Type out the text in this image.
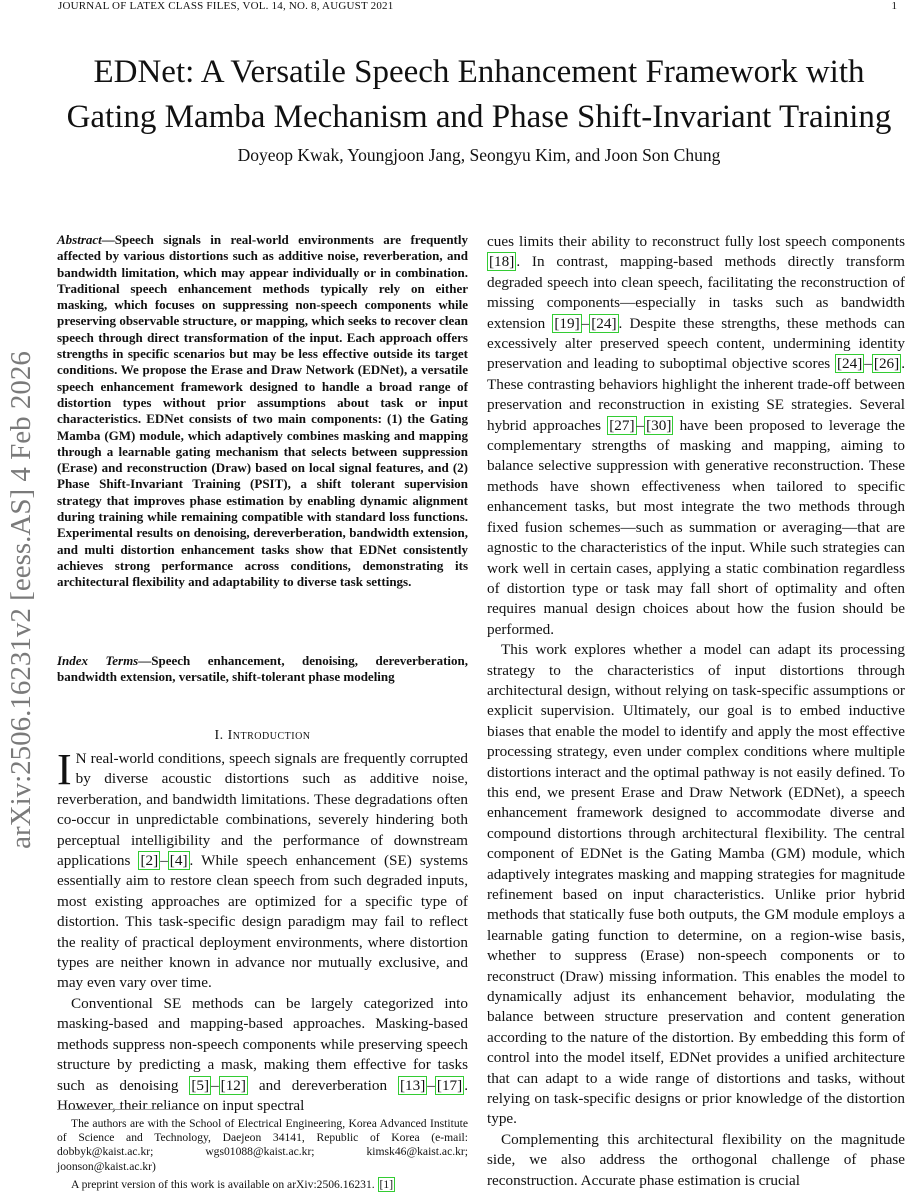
JOURNAL OF LATEX CLASS FILES, VOL. 14, NO. 8, AUGUST 2021	1
arXiv:2506.16231v2 [eess.AS] 4 Feb 2026
EDNet: A Versatile Speech Enhancement Framework with Gating Mamba Mechanism and Phase Shift-Invariant Training
Doyeop Kwak, Youngjoon Jang, Seongyu Kim, and Joon Son Chung
Abstract—Speech signals in real-world environments are frequently affected by various distortions such as additive noise, reverberation, and bandwidth limitation, which may appear individually or in combination. Traditional speech enhancement methods typically rely on either masking, which focuses on suppressing non-speech components while preserving observable structure, or mapping, which seeks to recover clean speech through direct transformation of the input. Each approach offers strengths in specific scenarios but may be less effective outside its target conditions. We propose the Erase and Draw Network (EDNet), a versatile speech enhancement framework designed to handle a broad range of distortion types without prior assumptions about task or input characteristics. EDNet consists of two main components: (1) the Gating Mamba (GM) module, which adaptively combines masking and mapping through a learnable gating mechanism that selects between suppression (Erase) and reconstruction (Draw) based on local signal features, and (2) Phase Shift-Invariant Training (PSIT), a shift tolerant supervision strategy that improves phase estimation by enabling dynamic alignment during training while remaining compatible with standard loss functions. Experimental results on denoising, dereverberation, bandwidth extension, and multi distortion enhancement tasks show that EDNet consistently achieves strong performance across conditions, demonstrating its architectural flexibility and adaptability to diverse task settings.
Index Terms—Speech enhancement, denoising, dereverberation, bandwidth extension, versatile, shift-tolerant phase modeling
I. Introduction

I N real-world conditions, speech signals are frequently corrupted by diverse acoustic distortions such as additive noise, reverberation, and bandwidth limitations. These degradations often co-occur in unpredictable combinations, severely hindering both perceptual intelligibility and the performance of downstream applications [2] – [4] . While speech enhancement (SE) systems essentially aim to restore clean speech from such degraded inputs, most existing approaches are optimized for a specific type of distortion. This task-specific design paradigm may fail to reflect the reality of practical deployment environments, where distortion types are neither known in advance nor mutually exclusive, and may even vary over time.

Conventional SE methods can be largely categorized into masking-based and mapping-based approaches. Masking-based methods suppress non-speech components while preserving speech structure by predicting a mask, making them effective for tasks such as denoising [5] – [12] and dereverberation [13] – [17] . However, their reliance on input spectral

The authors are with the School of Electrical Engineering, Korea Advanced Institute of Science and Technology, Daejeon 34141, Republic of Korea (e-mail: dobbyk@kaist.ac.kr; wgs01088@kaist.ac.kr; kimsk46@kaist.ac.kr; joonson@kaist.ac.kr)
A preprint version of this work is available on arXiv:2506.16231. [1]

cues limits their ability to reconstruct fully lost speech components [18] . In contrast, mapping-based methods directly transform degraded speech into clean speech, facilitating the reconstruction of missing components—especially in tasks such as bandwidth extension [19] – [24] . Despite these strengths, these methods can excessively alter preserved speech content, undermining identity preservation and leading to suboptimal objective scores [24] – [26] . These contrasting behaviors highlight the inherent trade-off between preservation and reconstruction in existing SE strategies. Several hybrid approaches [27] – [30] have been proposed to leverage the complementary strengths of masking and mapping, aiming to balance selective suppression with generative reconstruction. These methods have shown effectiveness when tailored to specific enhancement tasks, but most integrate the two methods through fixed fusion schemes—such as summation or averaging—that are agnostic to the characteristics of the input. While such strategies can work well in certain cases, applying a static combination regardless of distortion type or task may fall short of optimality and often requires manual design choices about how the fusion should be performed.

This work explores whether a model can adapt its processing strategy to the characteristics of input distortions through architectural design, without relying on task-specific assumptions or explicit supervision. Ultimately, our goal is to embed inductive biases that enable the model to identify and apply the most effective processing strategy, even under complex conditions where multiple distortions interact and the optimal pathway is not easily defined. To this end, we present Erase and Draw Network (EDNet), a speech enhancement framework designed to accommodate diverse and compound distortions through architectural flexibility. The central component of EDNet is the Gating Mamba (GM) module, which adaptively integrates masking and mapping strategies for magnitude refinement based on input characteristics. Unlike prior hybrid methods that statically fuse both outputs, the GM module employs a learnable gating function to determine, on a region-wise basis, whether to suppress (Erase) non-speech components or to reconstruct (Draw) missing information. This enables the model to dynamically adjust its enhancement behavior, modulating the balance between structure preservation and content generation according to the nature of the distortion. By embedding this form of control into the model itself, EDNet provides a unified architecture that can adapt to a wide range of distortions and tasks, without relying on task-specific designs or prior knowledge of the distortion type.

Complementing this architectural flexibility on the magnitude side, we also address the orthogonal challenge of phase reconstruction. Accurate phase estimation is crucial
